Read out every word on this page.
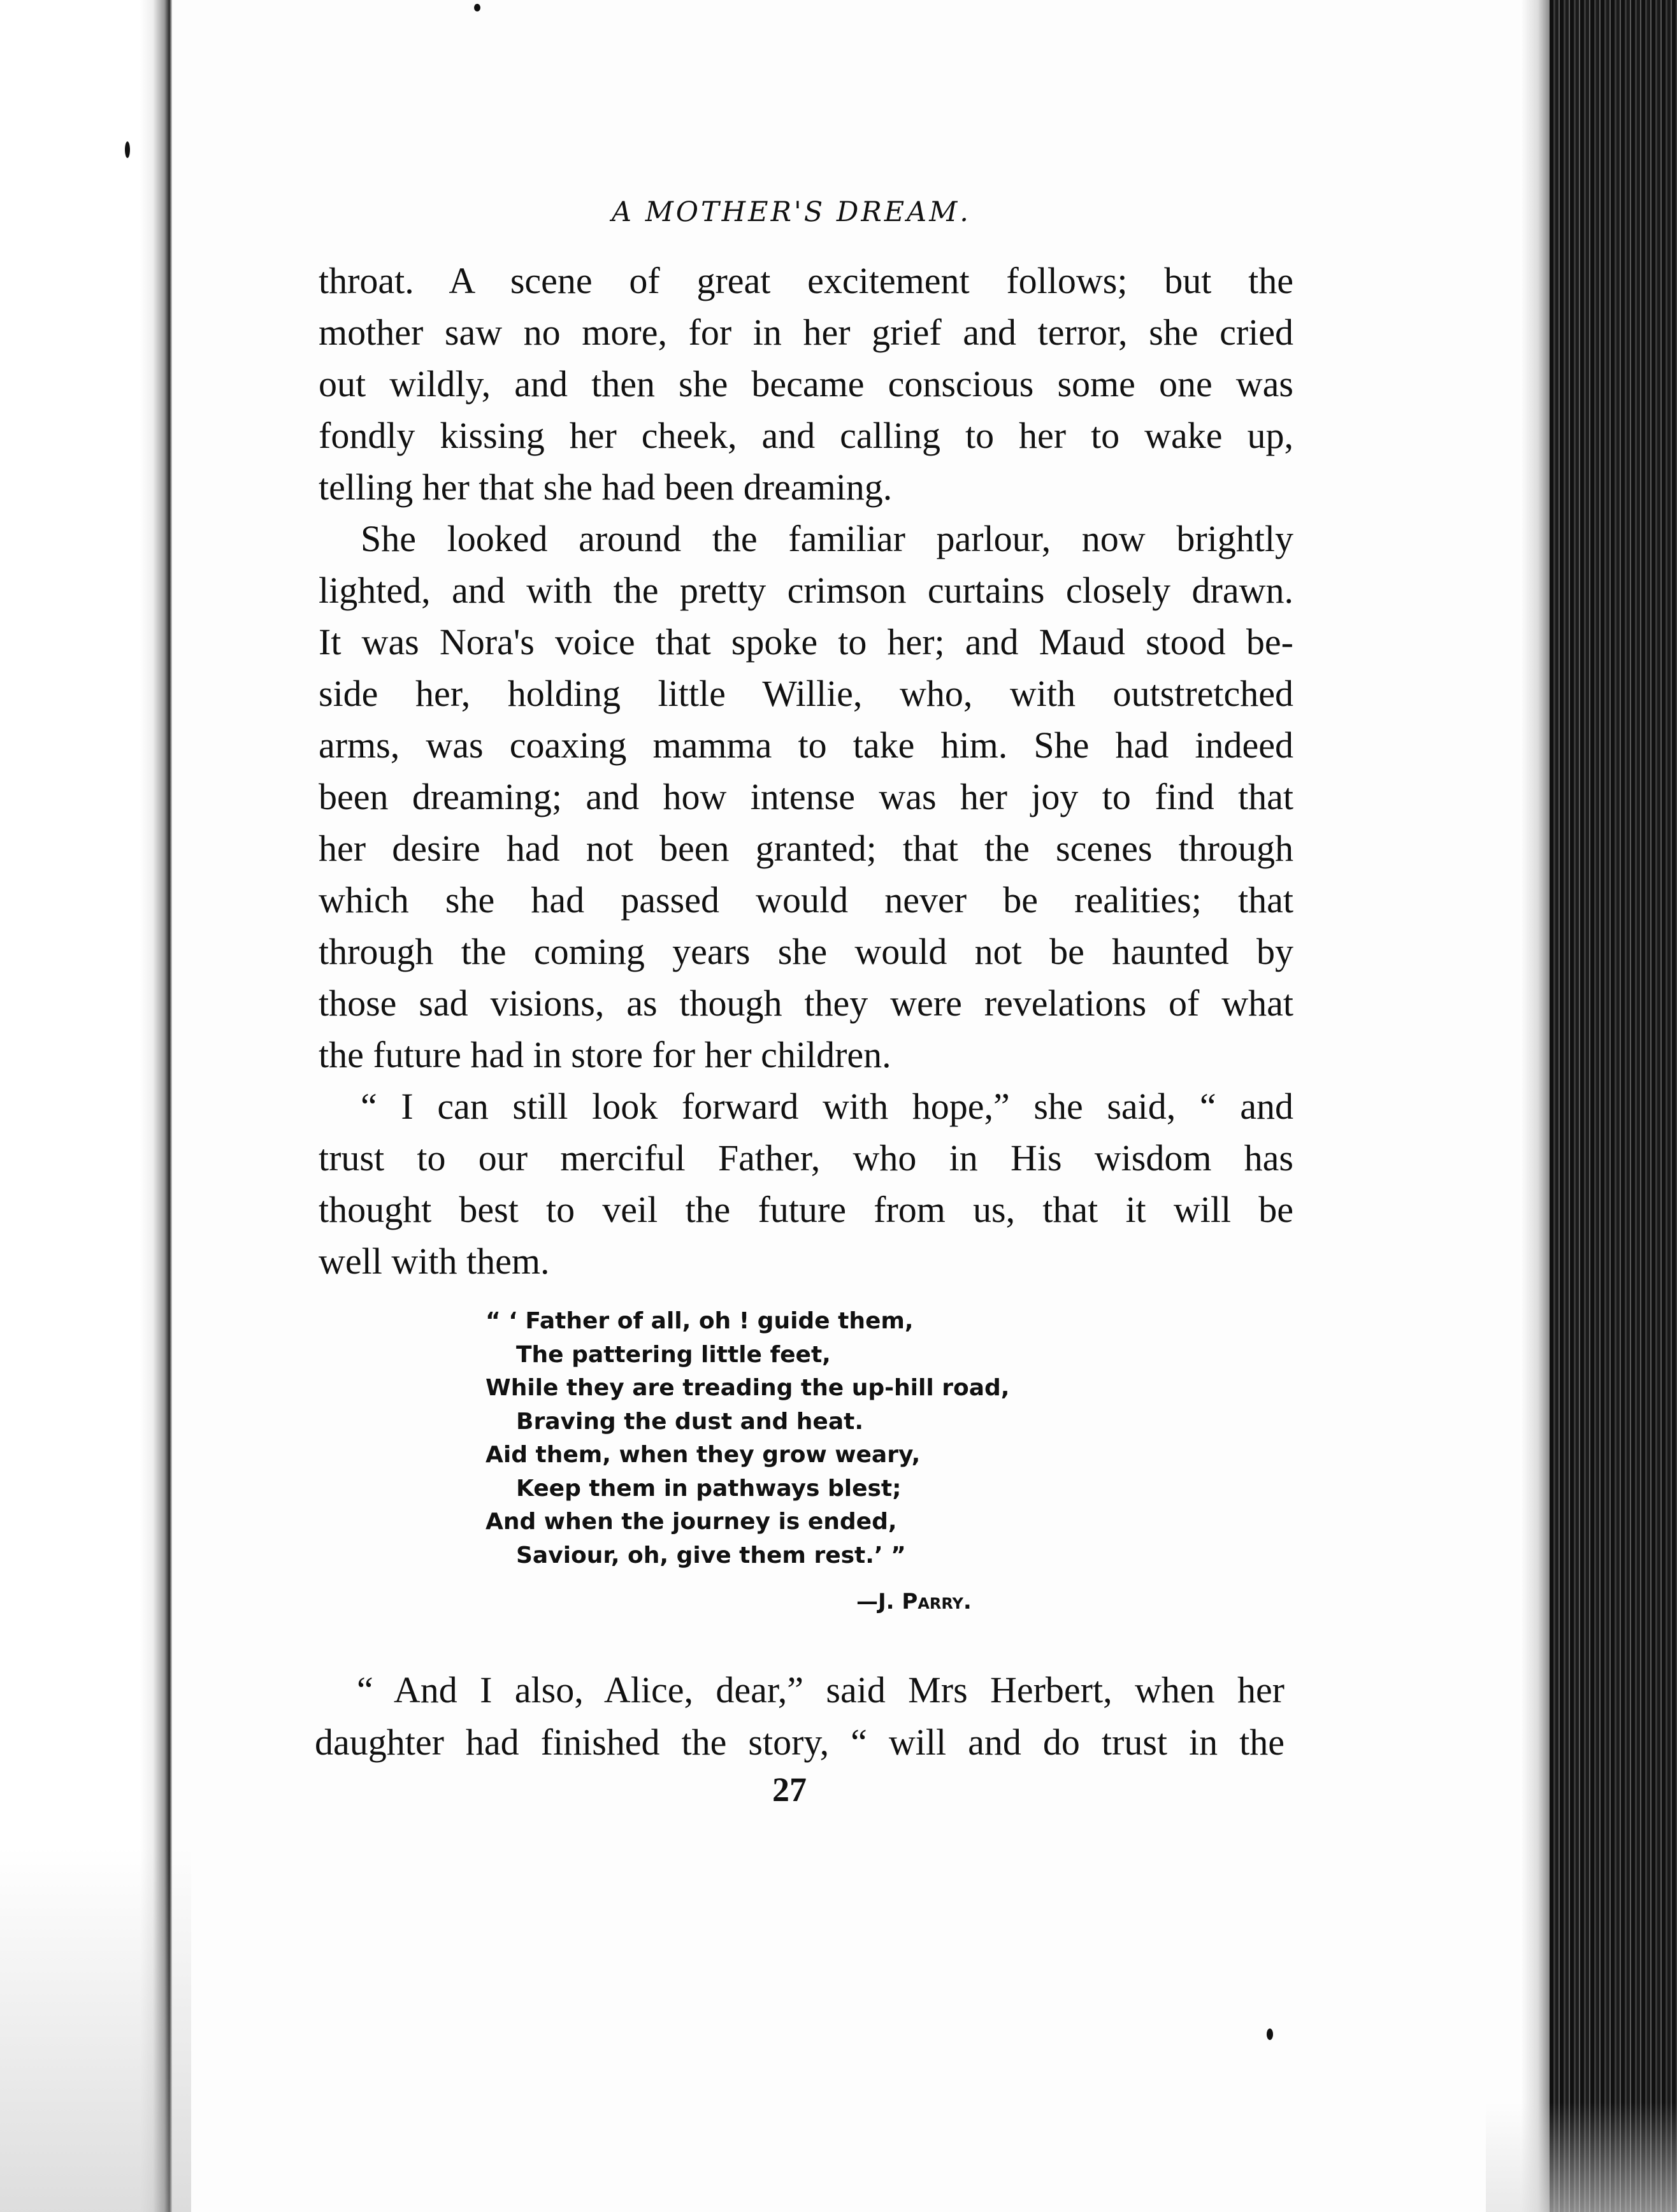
A MOTHER'S DREAM.
throat. A scene of great excitement follows; but the
mother saw no more, for in her grief and terror, she cried
out wildly, and then she became conscious some one was
fondly kissing her cheek, and calling to her to wake up,
telling her that she had been dreaming.
She looked around the familiar parlour, now brightly
lighted, and with the pretty crimson curtains closely drawn.
It was Nora's voice that spoke to her; and Maud stood be-
side her, holding little Willie, who, with outstretched
arms, was coaxing mamma to take him. She had indeed
been dreaming; and how intense was her joy to find that
her desire had not been granted; that the scenes through
which she had passed would never be realities; that
through the coming years she would not be haunted by
those sad visions, as though they were revelations of what
the future had in store for her children.
“ I can still look forward with hope,” she said, “ and
trust to our merciful Father, who in His wisdom has
thought best to veil the future from us, that it will be
well with them.
“ ‘ Father of all, oh ! guide them,
The pattering little feet,
While they are treading the up-hill road,
Braving the dust and heat.
Aid them, when they grow weary,
Keep them in pathways blest;
And when the journey is ended,
Saviour, oh, give them rest.’ ”
—J. Parry.
“ And I also, Alice, dear,” said Mrs Herbert, when her
daughter had finished the story, “ will and do trust in the
27
